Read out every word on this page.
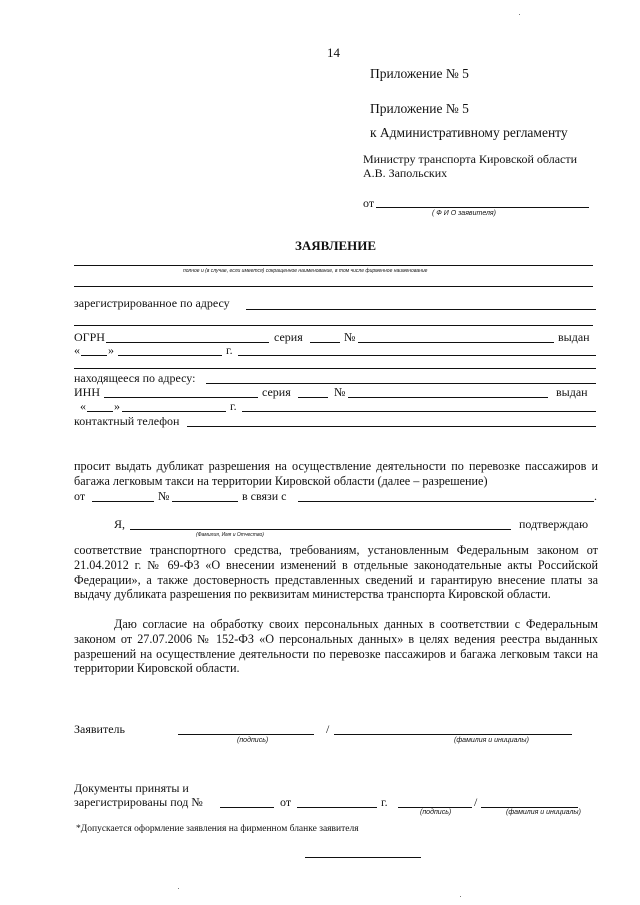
14
Приложение № 5
Приложение № 5
к Административному регламенту
Министру транспорта Кировской области
А.В. Запольских
от
( Ф И О заявителя)
ЗАЯВЛЕНИЕ
полное и (в случае, если имеется) сокращенное наименование, в том числе фирменное наименование
зарегистрированное по адресу
ОГРН	серия	№	выдан
« »	г.
находящееся по адресу:
ИНН	серия	№	выдан
« »	г.
контактный телефон
просит выдать дубликат разрешения на осуществление деятельности по перевозке пассажиров и багажа легковым такси на территории Кировской области (далее – разрешение)
от	№	в связи с	.
Я,
(Фамилия, Имя и Отчество)
подтверждаю
соответствие транспортного средства, требованиям, установленным Федеральным законом от 21.04.2012 г. № 69-ФЗ «О внесении изменений в отдельные законодательные акты Российской Федерации», а также достоверность представленных сведений и гарантирую внесение платы за выдачу дубликата разрешения по реквизитам министерства транспорта Кировской области.
Даю согласие на обработку своих персональных данных в соответствии с Федеральным законом от 27.07.2006 № 152-ФЗ «О персональных данных» в целях ведения реестра выданных разрешений на осуществление деятельности по перевозке пассажиров и багажа легковым такси на территории Кировской области.
Заявитель
(подпись)
/
(фамилия и инициалы)
Документы приняты и
зарегистрированы под №	от	г.
(подпись)
/
(фамилия и инициалы)
*Допускается оформление заявления на фирменном бланке заявителя
